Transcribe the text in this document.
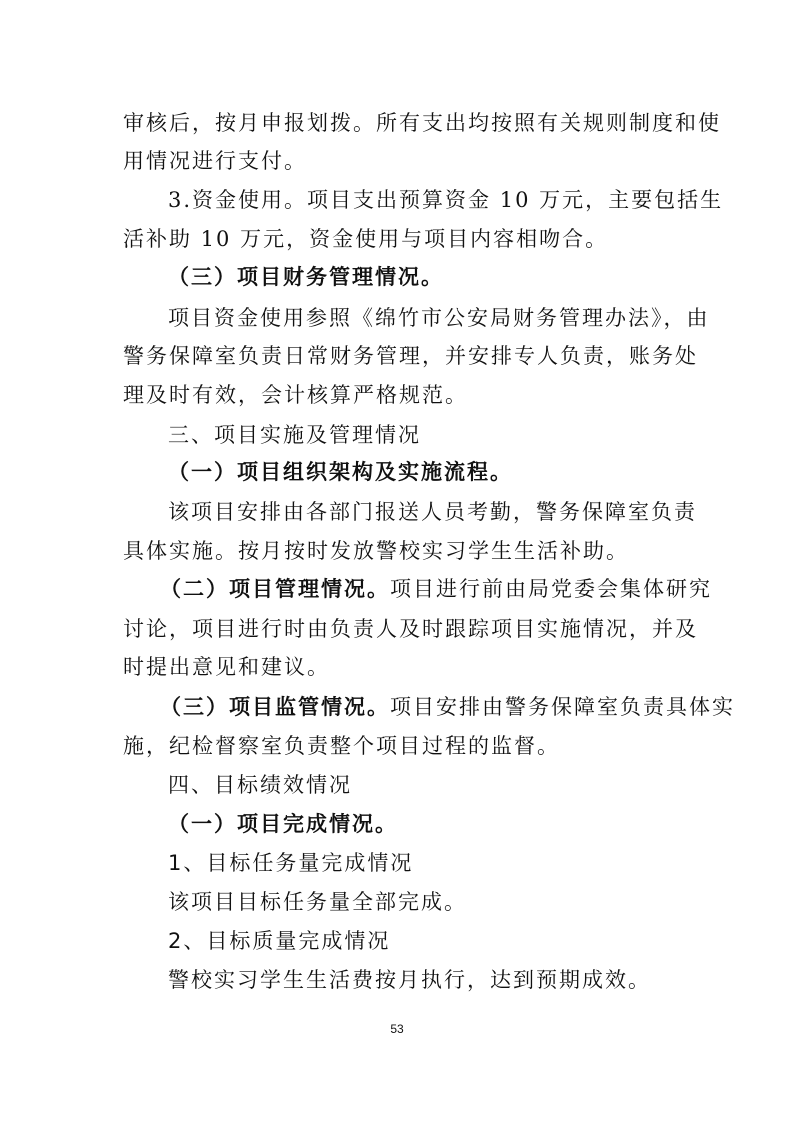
审核后，按月申报划拨。所有支出均按照有关规则制度和使
用情况进行支付。
3.资金使用。项目支出预算资金 10 万元，主要包括生
活补助 10 万元，资金使用与项目内容相吻合。
（三）项目财务管理情况。
项目资金使用参照《绵竹市公安局财务管理办法》，由
警务保障室负责日常财务管理，并安排专人负责，账务处
理及时有效，会计核算严格规范。
三、项目实施及管理情况
（一）项目组织架构及实施流程。
该项目安排由各部门报送人员考勤，警务保障室负责
具体实施。按月按时发放警校实习学生生活补助。
（二）项目管理情况。项目进行前由局党委会集体研究
讨论，项目进行时由负责人及时跟踪项目实施情况，并及
时提出意见和建议。
（三）项目监管情况。项目安排由警务保障室负责具体实
施，纪检督察室负责整个项目过程的监督。
四、目标绩效情况
（一）项目完成情况。
1、目标任务量完成情况
该项目目标任务量全部完成。
2、目标质量完成情况
警校实习学生生活费按月执行，达到预期成效。
53
